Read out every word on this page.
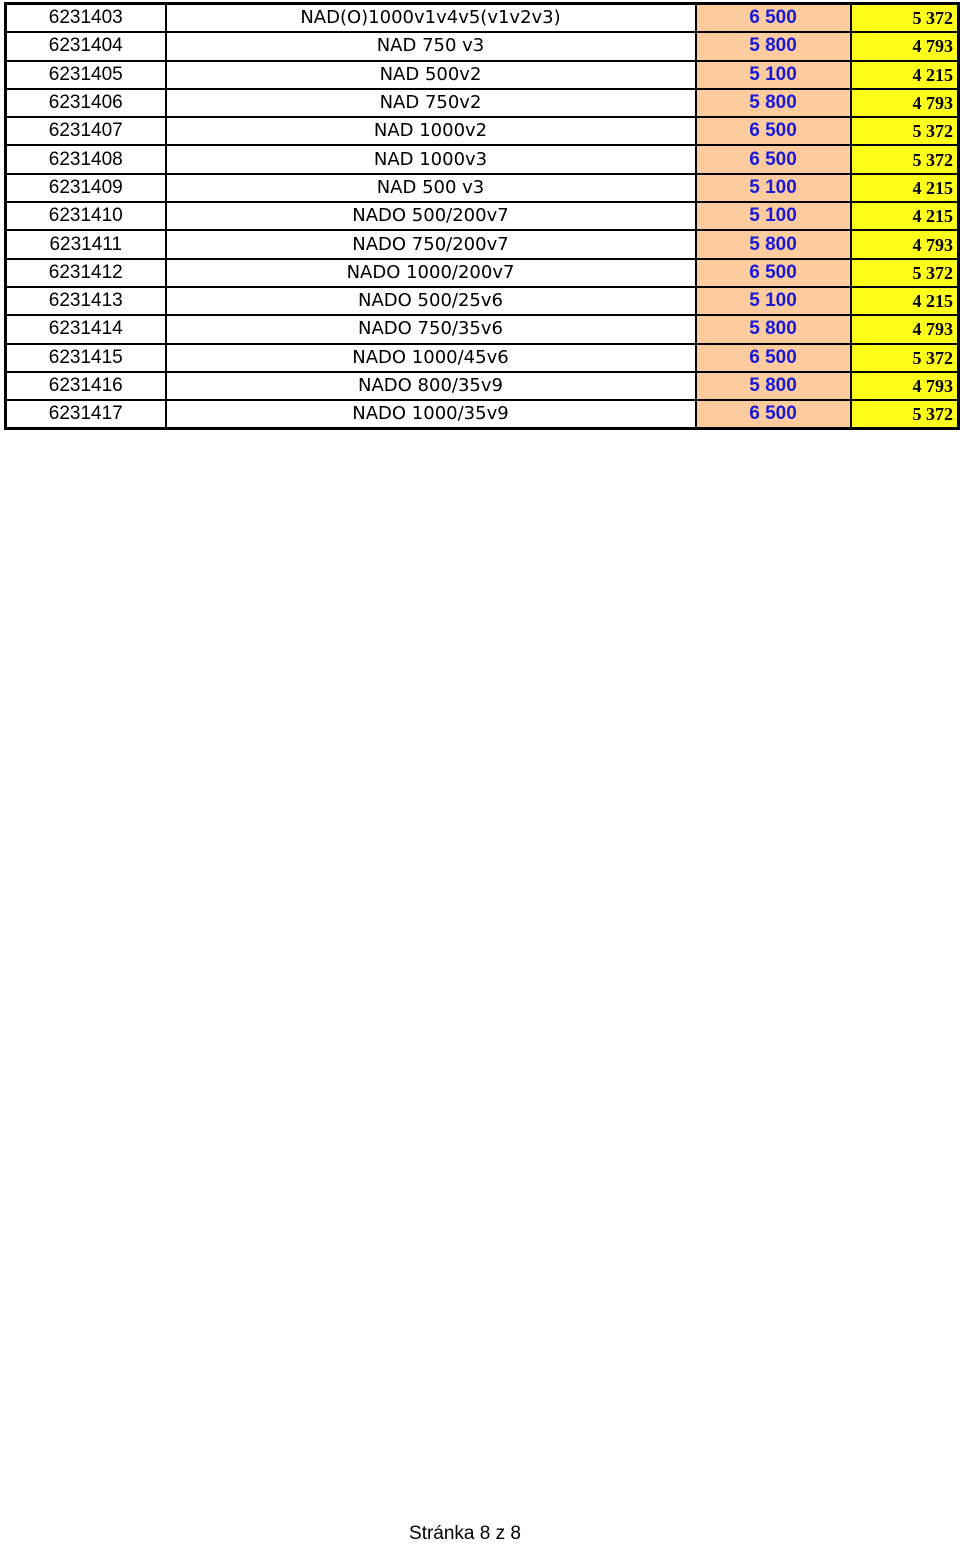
6231403	NAD(O)1000v1v4v5(v1v2v3)	6 500	5 372
6231404	NAD 750 v3	5 800	4 793
6231405	NAD 500v2	5 100	4 215
6231406	NAD 750v2	5 800	4 793
6231407	NAD 1000v2	6 500	5 372
6231408	NAD 1000v3	6 500	5 372
6231409	NAD 500 v3	5 100	4 215
6231410	NADO 500/200v7	5 100	4 215
6231411	NADO 750/200v7	5 800	4 793
6231412	NADO 1000/200v7	6 500	5 372
6231413	NADO 500/25v6	5 100	4 215
6231414	NADO 750/35v6	5 800	4 793
6231415	NADO 1000/45v6	6 500	5 372
6231416	NADO 800/35v9	5 800	4 793
6231417	NADO 1000/35v9	6 500	5 372
Stránka 8 z 8
